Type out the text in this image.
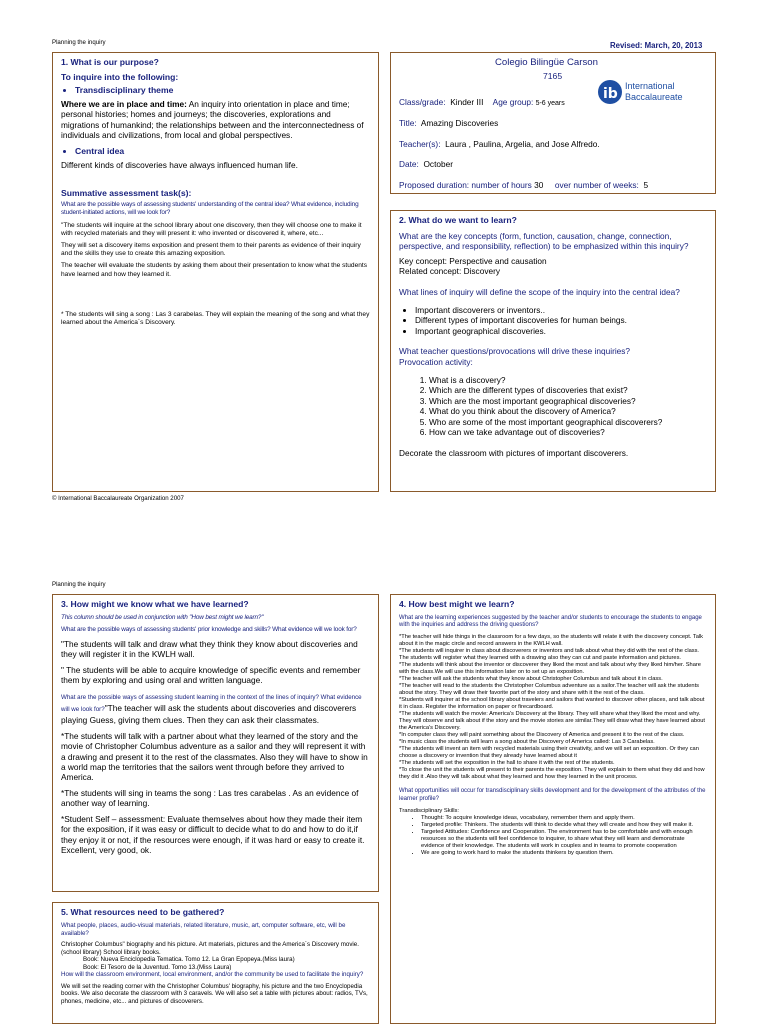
Planning the inquiry	Revised: March, 20, 2013
1. What is our purpose?
To inquire into the following:
• Transdisciplinary theme

Where we are in place and time: An inquiry into orientation in place and time; personal histories; homes and journeys; the discoveries, explorations and migrations of humankind; the relationships between and the interconnectedness of individuals and civilizations, from local and global perspectives.

• Central idea

Different kinds of discoveries have always influenced human life.

Summative assessment task(s):

What are the possible ways of assessing students' understanding of the central idea? What evidence, including student-initiated actions, will we look for?

"The students will inquire at the school library about one discovery, then they will choose one to make it with recycled materials and they will present it: who invented or discovered it, where, etc...

They will set a discovery items exposition and present them to their parents as evidence of their inquiry and the skills they use to create this amazing exposition.

The teacher will evaluate the students by asking them about their presentation to know what the students have learned and how they learned it.

* The students will sing a song : Las 3 carabelas. They will explain the meaning of the song and what they learned about the America´s Discovery.

Colegio Bilingüe Carson
7165
ib International
Baccalaureate
Class/grade: Kinder III Age group: 5-6 years
Title: Amazing Discoveries
Teacher(s): Laura , Paulina, Argelia, and Jose Alfredo.
Date: October
Proposed duration: number of hours 30 over number of weeks: 5
2. What do we want to learn?

What are the key concepts (form, function, causation, change, connection, perspective, and responsibility, reflection) to be emphasized within this inquiry?

Key concept: Perspective and causation

Related concept: Discovery

What lines of inquiry will define the scope of the inquiry into the central idea?

• Important discoverers or inventors..
• Different types of important discoveries for human beings.
• Important geographical discoveries.

What teacher questions/provocations will drive these inquiries?

Provocation activity:

1. What is a discovery?
2. Which are the different types of discoveries that exist?
3. Which are the most important geographical discoveries?
4. What do you think about the discovery of America?
5. Who are some of the most important geographical discoverers?
6. How can we take advantage out of discoveries?

Decorate the classroom with pictures of important discoverers.

© International Baccalaureate Organization 2007
Planning the inquiry
3. How might we know what we have learned?

This column should be used in conjunction with "How best might we learn?"

What are the possible ways of assessing students' prior knowledge and skills? What evidence will we look for?

"The students will talk and draw what they think they know about discoveries and they will register it in the KWLH wall.

" The students will be able to acquire knowledge of specific events and remember them by exploring and using oral and written language.

What are the possible ways of assessing student learning in the context of the lines of inquiry? What evidence will we look for?"The teacher will ask the students about discoveries and discoverers playing Guess, giving them clues. Then they can ask their classmates.

*The students will talk with a partner about what they learned of the story and the movie of Christopher Columbus adventure as a sailor and they will represent it with a drawing and present it to the rest of the classmates. Also they will have to show in a world map the territories that the sailors went through before they arrived to America.

*The students will sing in teams the song : Las tres carabelas . As an evidence of another way of learning.

*Student Self – assessment: Evaluate themselves about how they made their item for the exposition, if it was easy or difficult to decide what to do and how to do it,if they enjoy it or not, if the resources were enough, if it was hard or easy to create it. Excellent, very good, ok.

4. How best might we learn?

What are the learning experiences suggested by the teacher and/or students to encourage the students to engage with the inquiries and address the driving questions?

*The teacher will hide things in the classroom for a few days, so the students will relate it with the discovery concept. Talk about it in the magic circle and record answers in the KWLH wall.

*The students will inquirer in class about discoverers or inventors and talk about what they did with the rest of the class. The students will register what they learned with a drawing also they can cut and paste information and pictures.

*The students will think about the inventor or discoverer they liked the most and talk about why they liked him/her. Share with the class.We will use this information later on to set up an exposition.

*The teacher will ask the students what they know about Christopher Columbus and talk about it in class.

*The teacher will read to the students the Christopher Columbus adventure as a sailor.The teacher will ask the students about the story. They will draw their favorite part of the story and share with it the rest of the class.

*Students will inquirer at the school library about travelers and sailors that wanted to discover other places, and talk about it in class. Register the information on paper or firecardboard.

*The students will watch the movie: America's Discovery at the library. They will share what they liked the most and why. They will observe and talk about if the story and the movie stories are similar.They will draw what they have learned about the America's Discovery.

*In computer class they will paint something about the Discovery of America and present it to the rest of the class.

*In music class the students will learn a song about the Discovery of America called: Las 3 Carabelas.

*The students will invent an item with recycled materials using their creativity, and we will set an exposition. Or they can choose a discovery or invention that they already have learned about it

*The students will set the exposition in the hall to share it with the rest of the students.

*To close the unit the students will present to their parents the exposition. They will explain to them what they did and how they did it .Also they will talk about what they learned and how they learned in the unit process.

What opportunities will occur for transdisciplinary skills development and for the development of the attributes of the learner profile?

Transdisciplinary Skills:

• Thought: To acquire knowledge ideas, vocabulary, remember them and apply them.
• Targeted profile: Thinkers. The students will think to decide what they will create and how they will make it.
• Targeted Attitudes: Confidence and Cooperation. The environment has to be comfortable and with enough resources so the students will feel confidence to inquirer, to share what they will learn and demonstrate evidence of their knowledge. The students will work in couples and in teams to promote cooperation
• We are going to work hard to make the students thinkers by question them.
5. What resources need to be gathered?

What people, places, audio-visual materials, related literature, music, art, computer software, etc, will be available?

Christopher Columbus" biography and his picture. Art materials, pictures and the America´s Discovery movie.(school library) School library books.

Book: Nueva Enciclopedia Tematica. Tomo 12. La Gran Epopeya.(Miss laura)

Book: El Tesoro de la Juventud. Tomo 13.(Miss Laura)

How will the classroom environment, local environment, and/or the community be used to facilitate the inquiry?

We will set the reading corner with the Christopher Columbus' biography, his picture and the two Encyclopedia books. We also decorate the classroom with 3 caravels. We will also set a table with pictures about: radios, TVs, phones, medicine, etc... and pictures of discoverers.
